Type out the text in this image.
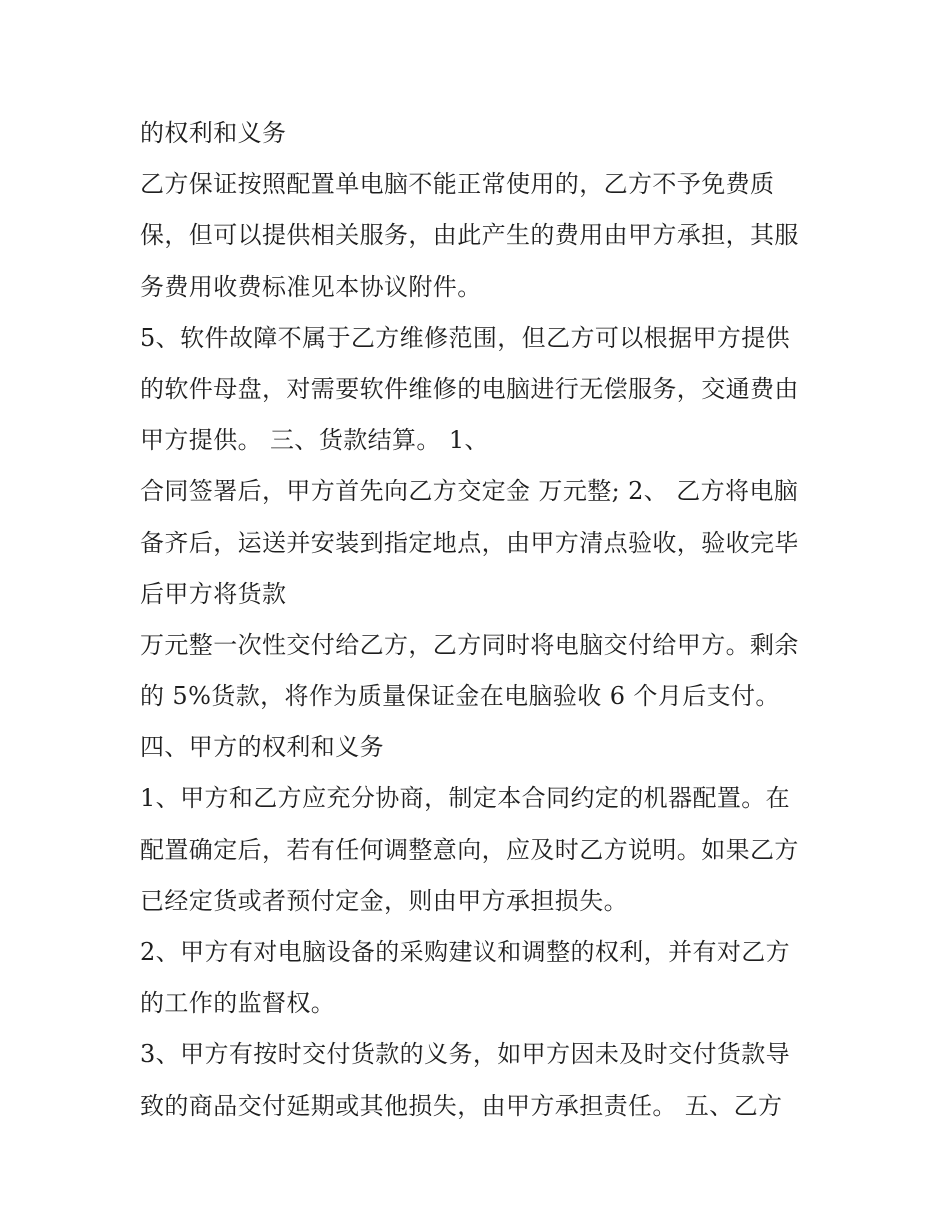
的权利和义务
乙方保证按照配置单电脑不能正常使用的，乙方不予免费质
保，但可以提供相关服务，由此产生的费用由甲方承担，其服
务费用收费标准见本协议附件。
5、软件故障不属于乙方维修范围，但乙方可以根据甲方提供
的软件母盘，对需要软件维修的电脑进行无偿服务，交通费由
甲方提供。 三、货款结算。 1、
合同签署后，甲方首先向乙方交定金 万元整; 2、 乙方将电脑
备齐后，运送并安装到指定地点，由甲方清点验收，验收完毕
后甲方将货款
万元整一次性交付给乙方，乙方同时将电脑交付给甲方。剩余
的 5%货款，将作为质量保证金在电脑验收 6 个月后支付。
四、甲方的权利和义务
1、甲方和乙方应充分协商，制定本合同约定的机器配置。在
配置确定后，若有任何调整意向，应及时乙方说明。如果乙方
已经定货或者预付定金，则由甲方承担损失。
2、甲方有对电脑设备的采购建议和调整的权利，并有对乙方
的工作的监督权。
3、甲方有按时交付货款的义务，如甲方因未及时交付货款导
致的商品交付延期或其他损失，由甲方承担责任。 五、乙方
